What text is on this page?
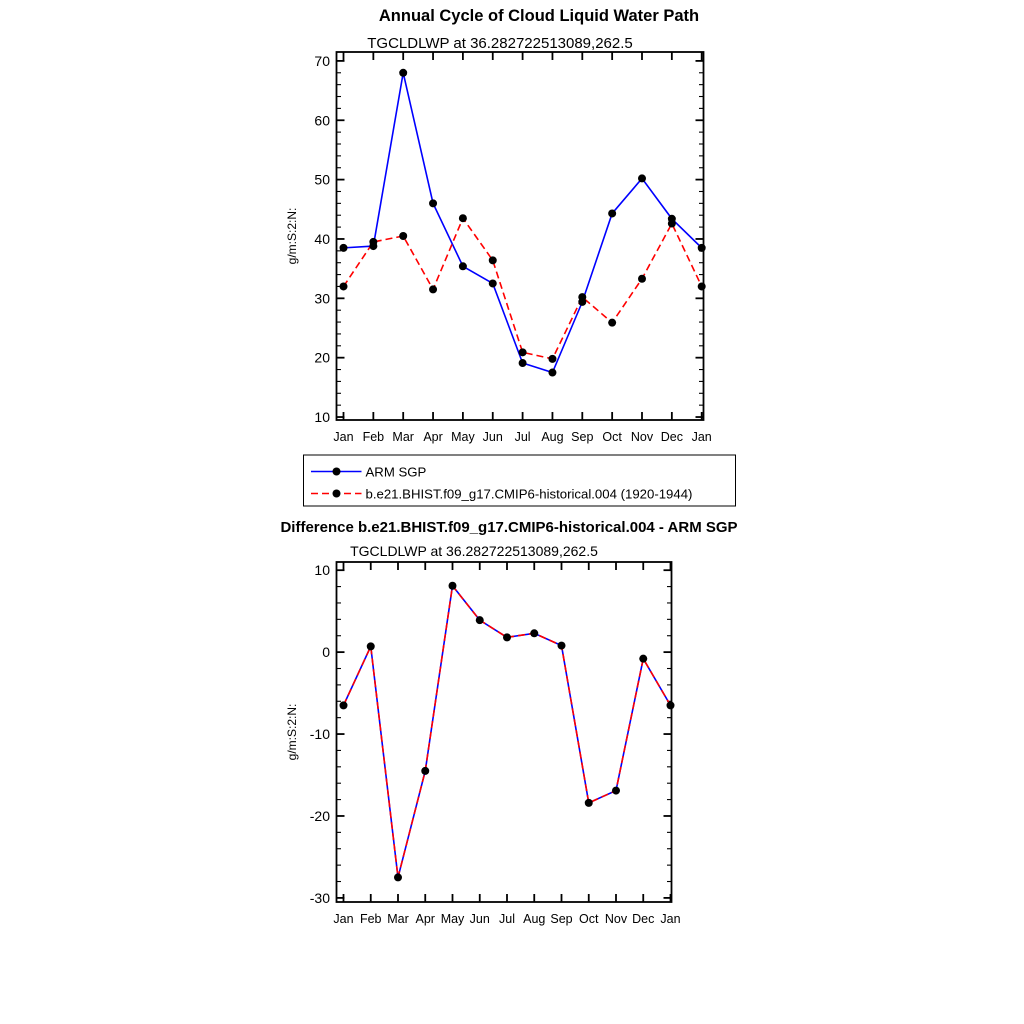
Annual Cycle of Cloud Liquid Water Path
TGCLDLWP at 36.282722513089,262.5
10
20
30
40
50
60
70
Jan Feb Mar Apr May Jun Jul Aug Sep Oct Nov Dec Jan
g/m:S:2:N:
ARM SGP
b.e21.BHIST.f09_g17.CMIP6-historical.004 (1920-1944)
Difference b.e21.BHIST.f09_g17.CMIP6-historical.004 - ARM SGP
TGCLDLWP at 36.282722513089,262.5
-30
-20
-10
0
10
Jan Feb Mar Apr May Jun Jul Aug Sep Oct Nov Dec Jan
g/m:S:2:N:
